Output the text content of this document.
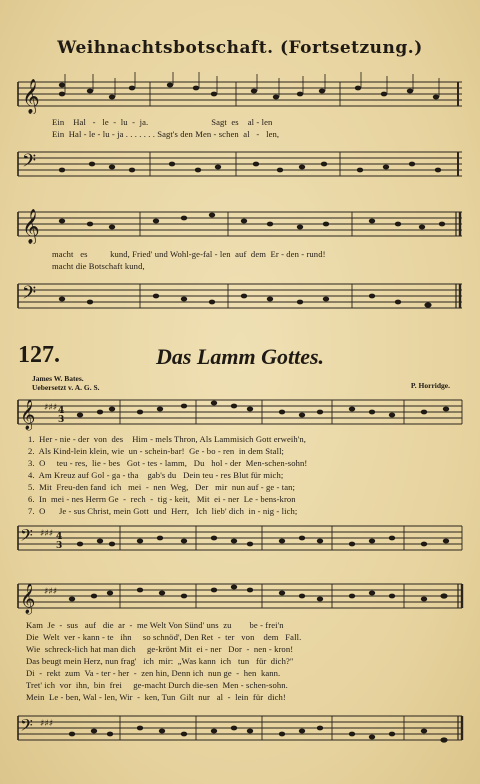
Weihnachtsbotschaft. (Fortsetzung.)
𝄞
Ein    Hal   -   le  -  lu  -  ja.                            Sagt  es    al - len
Ein  Hal - le - lu - ja . . . . . . . Sagt's den Men - schen  al   -   len,
𝄢
𝄞
macht   es          kund, Fried' und Wohl-ge-fal - len  auf  dem  Er - den - rund!
macht die Botschaft kund,
𝄢
127.	Das Lamm Gottes.
James W. Bates.
Uebersetzt v. A. G. S.	P. Horridge.
𝄞 ♯♯♯
3
4
1.  Her - nie - der  von  des    Him - mels Thron, Als Lammisich Gott erweih'n,
2.  Als Kind-lein klein, wie  un - schein-bar!  Ge - bo - ren  in dem Stall;
3.  O     teu - res,  lie - bes   Got - tes - lamm,   Du   hol - der  Men-schen-sohn!
4.  Am Kreuz auf Gol - ga - tha    gab's du   Dein teu - res Blut für mich;
5.  Mit  Freu-den fand  ich   mei  -  nen  Weg,   Der   mir  nun auf - ge - tan;
6.  In  mei - nes Herrn Ge  -  rech  -  tig - keit,   Mit  ei - ner  Le - bens-kron
7.  O      Je - sus Christ, mein Gott  und  Herr,   Ich  lieb' dich  in - nig - lich;
𝄢 ♯♯♯
3
4
𝄞 ♯♯♯
Kam  Je  -  sus   auf   die  ar  -  me Welt Von Sünd' uns  zu        be - frei'n
Die  Welt  ver - kann - te   ihn     so schnöd', Den Ret  -  ter   von    dem   Fall.
Wie  schreck-lich hat man dich     ge-krönt Mit  ei - ner   Dor  -  nen - kron!
Das beugt mein Herz, nun frag'   ich  mir:  „Was kann  ich   tun   für  dich?"
Di  -  rekt  zum  Va - ter - her  -  zen hin, Denn ich  nun ge  -  hen  kann.
Tret' ich  vor  ihn,  bin  frei     ge-macht Durch die-sen  Men - schen-sohn.
Mein  Le - ben, Wal - len, Wir  -  ken, Tun  Gilt  nur   al  -  lein  für  dich!
𝄢 ♯♯♯
